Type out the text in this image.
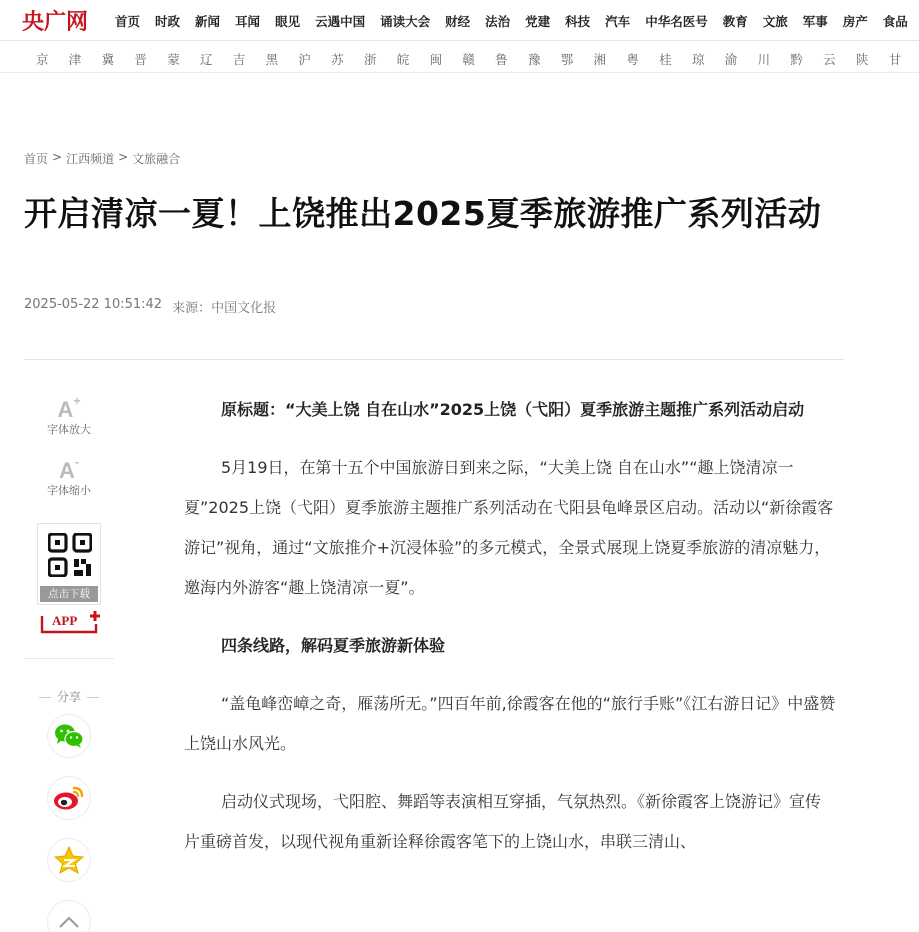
央广网 首页 时政 新闻 耳闻 眼见 云遇中国 诵读大会 财经 法治 党建 科技 汽车 中华名医号 教育 文旅 军事 房产 食品
京	津	冀	晋	蒙	辽	吉	黑	沪	苏	浙	皖	闽	赣	鲁	豫	鄂	湘	粤	桂	琼	渝	川	黔	云	陕	甘
首页 > 江西频道 > 文旅融合
开启清凉一夏！上饶推出2025夏季旅游推广系列活动
2025-05-22 10:51:42 来源：中国文化报
A+
字体放大
A-
字体缩小
点击下载
APP
分享

原标题：“大美上饶 自在山水”2025上饶（弋阳）夏季旅游主题推广系列活动启动

5月19日，在第十五个中国旅游日到来之际，“大美上饶 自在山水”“趣上饶清凉一夏”2025上饶（弋阳）夏季旅游主题推广系列活动在弋阳县龟峰景区启动。活动以“新徐霞客游记”视角，通过“文旅推介+沉浸体验”的多元模式，全景式展现上饶夏季旅游的清凉魅力，邀海内外游客“趣上饶清凉一夏”。

四条线路，解码夏季旅游新体验

“盖龟峰峦嶂之奇，雁荡所无。”四百年前,徐霞客在他的“旅行手账”《江右游日记》中盛赞上饶山水风光。

启动仪式现场，弋阳腔、舞蹈等表演相互穿插，气氛热烈。《新徐霞客上饶游记》宣传片重磅首发，以现代视角重新诠释徐霞客笔下的上饶山水，串联三清山、
